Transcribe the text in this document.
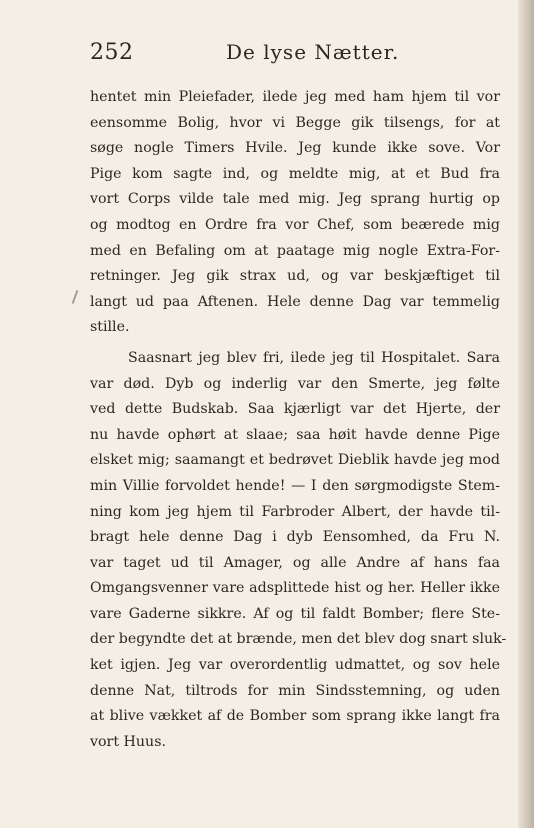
252	De lyse Nætter.
hentet min Pleiefader, ilede jeg med ham hjem til vor
eensomme Bolig, hvor vi Begge gik tilsengs, for at
søge nogle Timers Hvile. Jeg kunde ikke sove. Vor
Pige kom sagte ind, og meldte mig, at et Bud fra
vort Corps vilde tale med mig. Jeg sprang hurtig op
og modtog en Ordre fra vor Chef, som beærede mig
med en Befaling om at paatage mig nogle Extra-For-
retninger. Jeg gik strax ud, og var beskjæftiget til
langt ud paa Aftenen. Hele denne Dag var temmelig
stille.
Saasnart jeg blev fri, ilede jeg til Hospitalet. Sara
var død. Dyb og inderlig var den Smerte, jeg følte
ved dette Budskab. Saa kjærligt var det Hjerte, der
nu havde ophørt at slaae; saa høit havde denne Pige
elsket mig; saamangt et bedrøvet Dieblik havde jeg mod
min Villie forvoldet hende! — I den sørgmodigste Stem-
ning kom jeg hjem til Farbroder Albert, der havde til-
bragt hele denne Dag i dyb Eensomhed, da Fru N.
var taget ud til Amager, og alle Andre af hans faa
Omgangsvenner vare adsplittede hist og her. Heller ikke
vare Gaderne sikkre. Af og til faldt Bomber; flere Ste-
der begyndte det at brænde, men det blev dog snart sluk-
ket igjen. Jeg var overordentlig udmattet, og sov hele
denne Nat, tiltrods for min Sindsstemning, og uden
at blive vækket af de Bomber som sprang ikke langt fra
vort Huus.
